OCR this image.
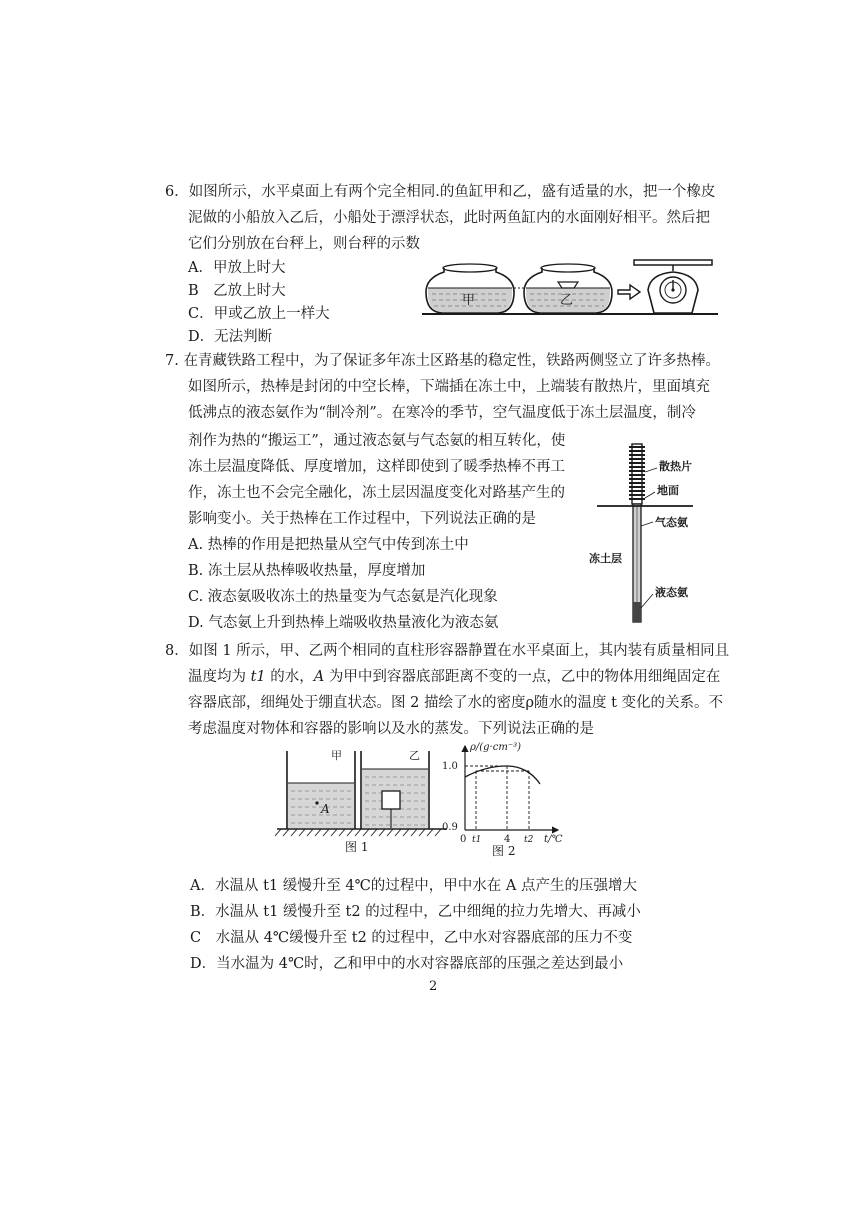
6．如图所示，水平桌面上有两个完全相同.的鱼缸甲和乙，盛有适量的水，把一个橡皮
泥做的小船放入乙后，小船处于漂浮状态，此时两鱼缸内的水面刚好相平。然后把
它们分别放在台秤上，则台秤的示数
A．甲放上时大
B　乙放上时大
C．甲或乙放上一样大
D．无法判断
甲	乙
7. 在青藏铁路工程中，为了保证多年冻土区路基的稳定性，铁路两侧竖立了许多热棒。
如图所示，热棒是封闭的中空长棒，下端插在冻土中，上端装有散热片，里面填充
低沸点的液态氨作为“制冷剂”。在寒冷的季节，空气温度低于冻土层温度，制冷
剂作为热的“搬运工”，通过液态氨与气态氨的相互转化，使
冻土层温度降低、厚度增加，这样即使到了暖季热棒不再工
作，冻土也不会完全融化，冻土层因温度变化对路基产生的
影响变小。关于热棒在工作过程中，下列说法正确的是
A. 热棒的作用是把热量从空气中传到冻土中
B. 冻土层从热棒吸收热量，厚度增加
C. 液态氨吸收冻土的热量变为气态氨是汽化现象
D. 气态氨上升到热棒上端吸收热量液化为液态氨
散热片
地面
气态氨
冻土层
液态氨
8．如图 1 所示，甲、乙两个相同的直柱形容器静置在水平桌面上，其内装有质量相同且
温度均为 t1 的水，A 为甲中到容器底部距离不变的一点，乙中的物体用细绳固定在
容器底部，细绳处于绷直状态。图 2 描绘了水的密度ρ随水的温度 t 变化的关系。不
考虑温度对物体和容器的影响以及水的蒸发。下列说法正确的是
A
甲	乙
图 1
ρ/(g·cm⁻³)
1.0
0.9
0 t1 4 t2 t/℃
图 2
A．水温从 t1 缓慢升至 4℃的过程中，甲中水在 A 点产生的压强增大
B．水温从 t1 缓慢升至 t2 的过程中，乙中细绳的拉力先增大、再减小
C　水温从 4℃缓慢升至 t2 的过程中，乙中水对容器底部的压力不变
D．当水温为 4℃时，乙和甲中的水对容器底部的压强之差达到最小
2
